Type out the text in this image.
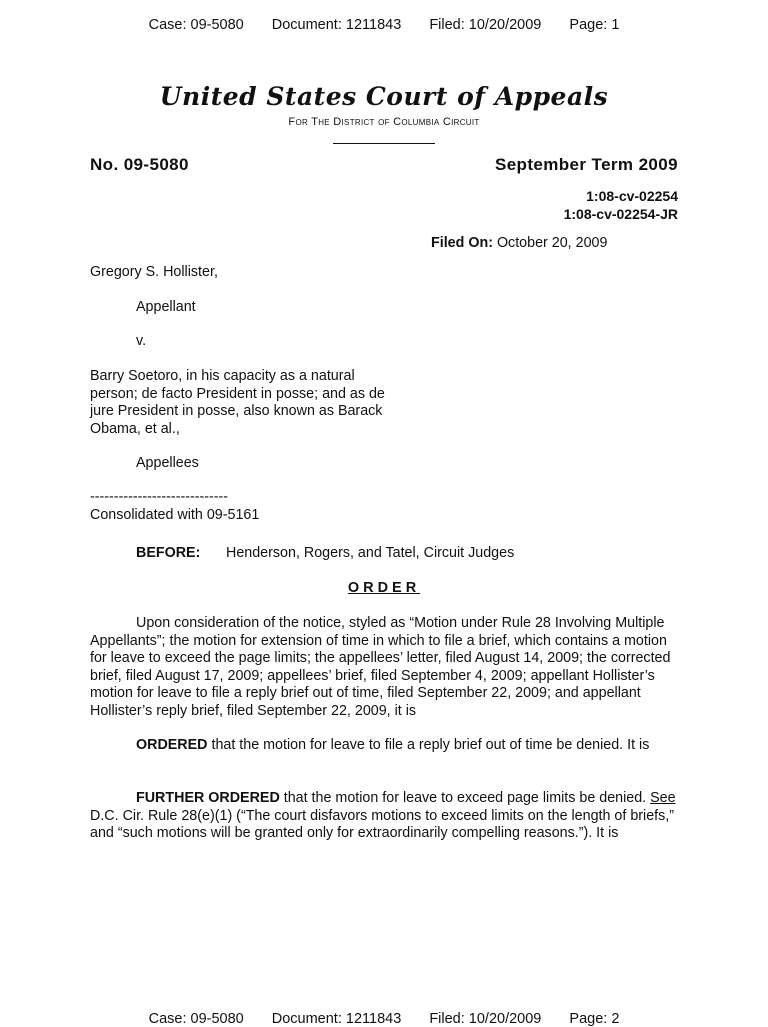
Case: 09-5080 Document: 1211843 Filed: 10/20/2009 Page: 1
United States Court of Appeals
For The District of Columbia Circuit
No. 09-5080	September Term 2009
1:08-cv-02254
1:08-cv-02254-JR
Filed On: October 20, 2009
Gregory S. Hollister,
Appellant
v.
Barry Soetoro, in his capacity as a natural
person; de facto President in posse; and as de
jure President in posse, also known as Barack
Obama, et al.,
Appellees
-----------------------------
Consolidated with 09-5161
BEFORE: Henderson, Rogers, and Tatel, Circuit Judges
ORDER
Upon consideration of the notice, styled as “Motion under Rule 28 Involving Multiple Appellants”; the motion for extension of time in which to file a brief, which contains a motion for leave to exceed the page limits; the appellees’ letter, filed August 14, 2009; the corrected brief, filed August 17, 2009; appellees’ brief, filed September 4, 2009; appellant Hollister’s motion for leave to file a reply brief out of time, filed September 22, 2009; and appellant Hollister’s reply brief, filed September 22, 2009, it is
ORDERED that the motion for leave to file a reply brief out of time be denied. It is
FURTHER ORDERED that the motion for leave to exceed page limits be denied. See D.C. Cir. Rule 28(e)(1) (“The court disfavors motions to exceed limits on the length of briefs,” and “such motions will be granted only for extraordinarily compelling reasons.”). It is
Case: 09-5080 Document: 1211843 Filed: 10/20/2009 Page: 2
